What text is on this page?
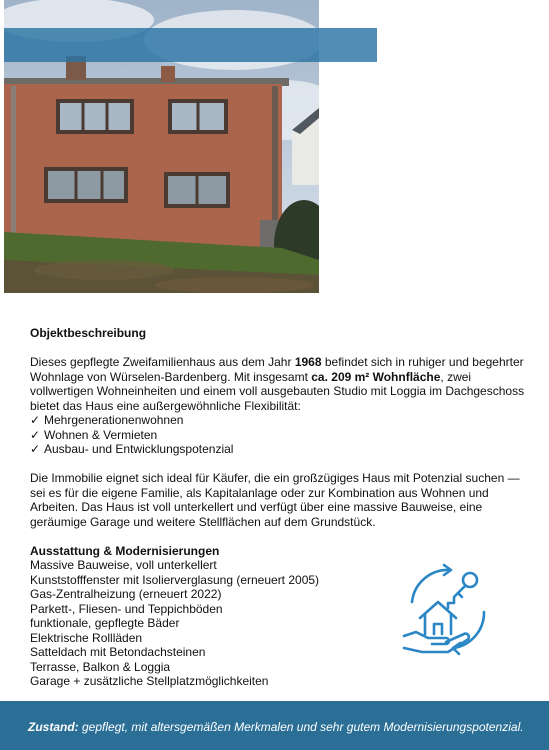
Objektbeschreibung

Dieses gepflegte Zweifamilienhaus aus dem Jahr 1968 befindet sich in ruhiger und begehrter
Wohnlage von Würselen-Bardenberg. Mit insgesamt ca. 209 m² Wohnfläche, zwei
vollwertigen Wohneinheiten und einem voll ausgebauten Studio mit Loggia im Dachgeschoss
bietet das Haus eine außergewöhnliche Flexibilität:

✓ Mehrgenerationenwohnen
✓ Wohnen & Vermieten
✓ Ausbau- und Entwicklungspotenzial

Die Immobilie eignet sich ideal für Käufer, die ein großzügiges Haus mit Potenzial suchen —
sei es für die eigene Familie, als Kapitalanlage oder zur Kombination aus Wohnen und
Arbeiten. Das Haus ist voll unterkellert und verfügt über eine massive Bauweise, eine
geräumige Garage und weitere Stellflächen auf dem Grundstück.

Ausstattung & Modernisierungen

Massive Bauweise, voll unterkellert
Kunststofffenster mit Isolierverglasung (erneuert 2005)
Gas-Zentralheizung (erneuert 2022)
Parkett-, Fliesen- und Teppichböden
funktionale, gepflegte Bäder
Elektrische Rollläden
Satteldach mit Betondachsteinen
Terrasse, Balkon & Loggia
Garage + zusätzliche Stellplatzmöglichkeiten
Zustand: gepflegt, mit altersgemäßen Merkmalen und sehr gutem Modernisierungspotenzial.
